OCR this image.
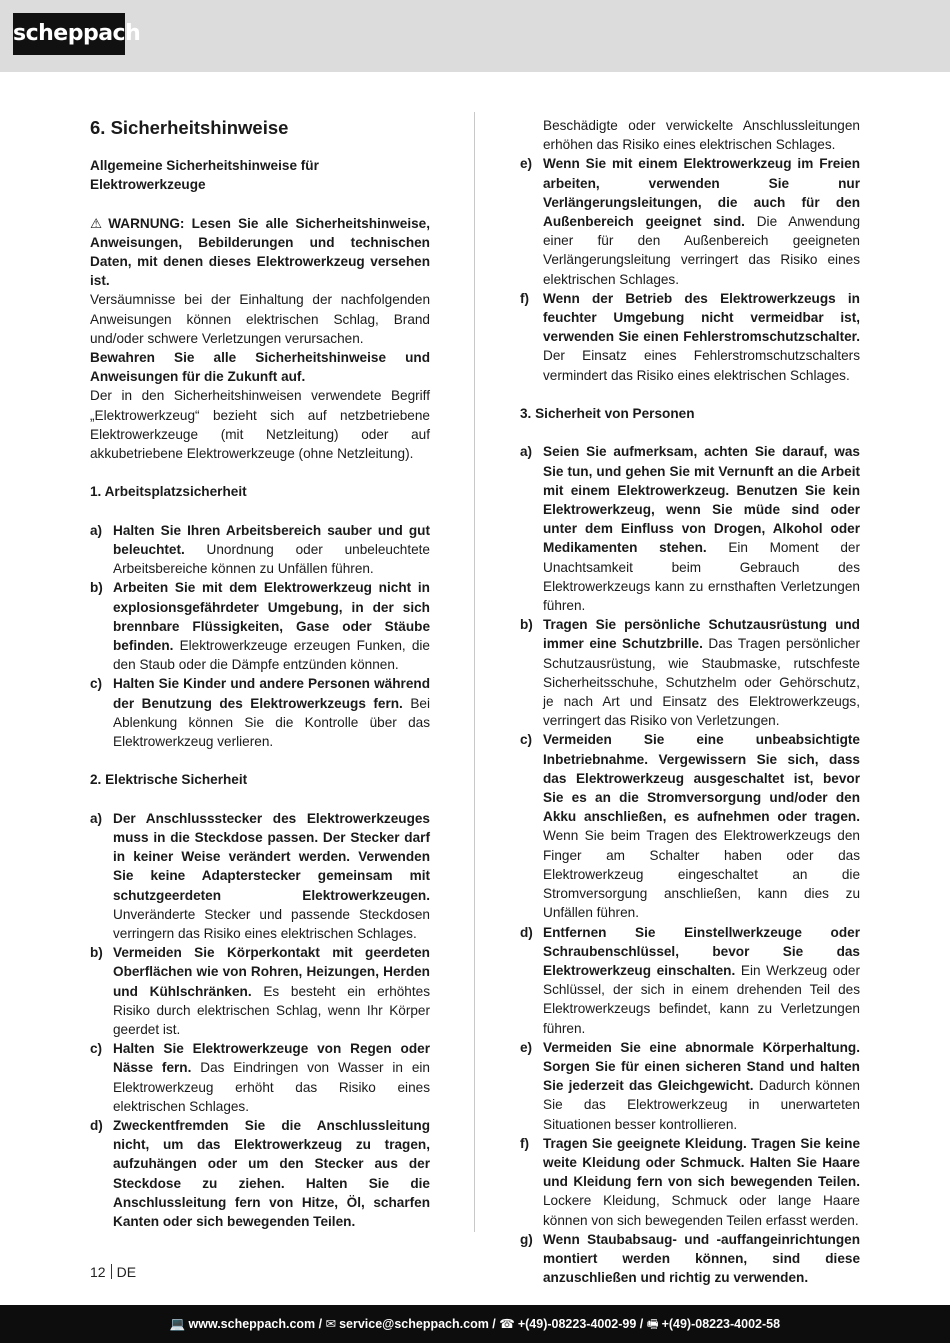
scheppach
6. Sicherheitshinweise

Allgemeine Sicherheitshinweise für Elektrowerkzeuge

⚠ WARNUNG: Lesen Sie alle Sicherheitshinweise, Anweisungen, Bebilderungen und technischen Daten, mit denen dieses Elektrowerkzeug versehen ist.

Versäumnisse bei der Einhaltung der nachfolgenden Anweisungen können elektrischen Schlag, Brand und/oder schwere Verletzungen verursachen.

Bewahren Sie alle Sicherheitshinweise und Anweisungen für die Zukunft auf.

Der in den Sicherheitshinweisen verwendete Begriff „Elektrowerkzeug“ bezieht sich auf netzbetriebene Elektrowerkzeuge (mit Netzleitung) oder auf akkubetriebene Elektrowerkzeuge (ohne Netzleitung).

1. Arbeitsplatzsicherheit

a) Halten Sie Ihren Arbeitsbereich sauber und gut beleuchtet. Unordnung oder unbeleuchtete Arbeitsbereiche können zu Unfällen führen.
b) Arbeiten Sie mit dem Elektrowerkzeug nicht in explosionsgefährdeter Umgebung, in der sich brennbare Flüssigkeiten, Gase oder Stäube befinden. Elektrowerkzeuge erzeugen Funken, die den Staub oder die Dämpfe entzünden können.
c) Halten Sie Kinder und andere Personen während der Benutzung des Elektrowerkzeugs fern. Bei Ablenkung können Sie die Kontrolle über das Elektrowerkzeug verlieren.

2. Elektrische Sicherheit

a) Der Anschlussstecker des Elektrowerkzeuges muss in die Steckdose passen. Der Stecker darf in keiner Weise verändert werden. Verwenden Sie keine Adapterstecker gemeinsam mit schutzgeerdeten Elektrowerkzeugen. Unveränderte Stecker und passende Steckdosen verringern das Risiko eines elektrischen Schlages.
b) Vermeiden Sie Körperkontakt mit geerdeten Oberflächen wie von Rohren, Heizungen, Herden und Kühlschränken. Es besteht ein erhöhtes Risiko durch elektrischen Schlag, wenn Ihr Körper geerdet ist.
c) Halten Sie Elektrowerkzeuge von Regen oder Nässe fern. Das Eindringen von Wasser in ein Elektrowerkzeug erhöht das Risiko eines elektrischen Schlages.
d) Zweckentfremden Sie die Anschlussleitung nicht, um das Elektrowerkzeug zu tragen, aufzuhängen oder um den Stecker aus der Steckdose zu ziehen. Halten Sie die Anschlussleitung fern von Hitze, Öl, scharfen Kanten oder sich bewegenden Teilen.
Beschädigte oder verwickelte Anschlussleitungen erhöhen das Risiko eines elektrischen Schlages.
e) Wenn Sie mit einem Elektrowerkzeug im Freien arbeiten, verwenden Sie nur Verlängerungsleitungen, die auch für den Außenbereich geeignet sind. Die Anwendung einer für den Außenbereich geeigneten Verlängerungsleitung verringert das Risiko eines elektrischen Schlages.
f) Wenn der Betrieb des Elektrowerkzeugs in feuchter Umgebung nicht vermeidbar ist, verwenden Sie einen Fehlerstromschutzschalter. Der Einsatz eines Fehlerstromschutzschalters vermindert das Risiko eines elektrischen Schlages.

3. Sicherheit von Personen

a) Seien Sie aufmerksam, achten Sie darauf, was Sie tun, und gehen Sie mit Vernunft an die Arbeit mit einem Elektrowerkzeug. Benutzen Sie kein Elektrowerkzeug, wenn Sie müde sind oder unter dem Einfluss von Drogen, Alkohol oder Medikamenten stehen. Ein Moment der Unachtsamkeit beim Gebrauch des Elektrowerkzeugs kann zu ernsthaften Verletzungen führen.
b) Tragen Sie persönliche Schutzausrüstung und immer eine Schutzbrille. Das Tragen persönlicher Schutzausrüstung, wie Staubmaske, rutschfeste Sicherheitsschuhe, Schutzhelm oder Gehörschutz, je nach Art und Einsatz des Elektrowerkzeugs, verringert das Risiko von Verletzungen.
c) Vermeiden Sie eine unbeabsichtigte Inbetriebnahme. Vergewissern Sie sich, dass das Elektrowerkzeug ausgeschaltet ist, bevor Sie es an die Stromversorgung und/oder den Akku anschließen, es aufnehmen oder tragen. Wenn Sie beim Tragen des Elektrowerkzeugs den Finger am Schalter haben oder das Elektrowerkzeug eingeschaltet an die Stromversorgung anschließen, kann dies zu Unfällen führen.
d) Entfernen Sie Einstellwerkzeuge oder Schraubenschlüssel, bevor Sie das Elektrowerkzeug einschalten. Ein Werkzeug oder Schlüssel, der sich in einem drehenden Teil des Elektrowerkzeugs befindet, kann zu Verletzungen führen.
e) Vermeiden Sie eine abnormale Körperhaltung. Sorgen Sie für einen sicheren Stand und halten Sie jederzeit das Gleichgewicht. Dadurch können Sie das Elektrowerkzeug in unerwarteten Situationen besser kontrollieren.
f) Tragen Sie geeignete Kleidung. Tragen Sie keine weite Kleidung oder Schmuck. Halten Sie Haare und Kleidung fern von sich bewegenden Teilen. Lockere Kleidung, Schmuck oder lange Haare können von sich bewegenden Teilen erfasst werden.
g) Wenn Staubabsaug- und -auffangeinrichtungen montiert werden können, sind diese anzuschließen und richtig zu verwenden.
12 DE
💻 www.scheppach.com / ✉ service@scheppach.com / ☎ +(49)-08223-4002-99 / 🖷 +(49)-08223-4002-58
